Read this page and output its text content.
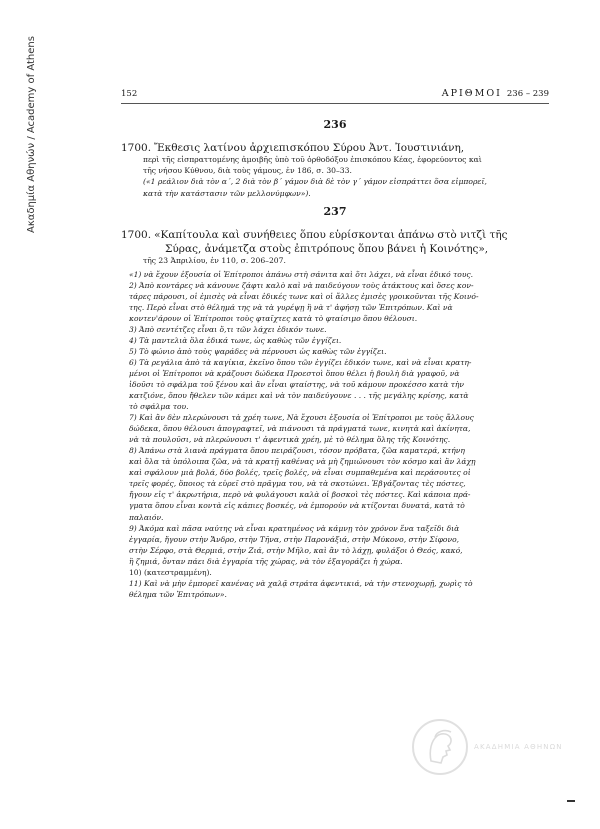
Ακαδημία Αθηνών / Academy of Athens	152	ΑΡΙΘΜΟΙ 236 – 239
236
1700. Ἔκθεσις λατίνου ἀρχιεπισκόπου Σύρου Ἀντ. Ἰουστινιάνη,
περὶ τῆς εἰσπραττομένης ἀμοιβῆς ὑπὸ τοῦ ὀρθοδόξου ἐπισκόπου Κέας, ἐφορεύοντος καὶ
τῆς νήσου Κύθνου, διὰ τοὺς γάμους, ἐν 186, σ. 30–33.
(«1 ρεάλιον διὰ τὸν α΄, 2 διὰ τὸν β΄ γάμον διὰ δὲ τὸν γ΄ γάμον εἰσπράττει ὅσα εἰμπορεῖ,
κατὰ τὴν κατάστασιν τῶν μελλονύμφων»).
237
1700. «Καπίτουλα καὶ συνήθειες ὅπου εὑρίσκονται ἀπάνω στὸ νιτζὶ τῆς
Σύρας, ἀνάμετζα στοὺς ἐπιτρόπους ὅπου βάνει ἡ Κοινότης»,
τῆς 23 Ἀπριλίου, ἐν 110, σ. 206–207.
«1) νὰ ἔχουν ἐξουσία οἱ Ἐπίτροποι ἀπάνω στὴ σάνιτα καὶ ὅτι λάχει, νὰ εἶναι ἐδικό τους.
2) Ἀπὸ κοντάρες νὰ κάνουνε ζάφτι καλὸ καὶ νὰ παιδεύγουν τοὺς ἀτάκτους καὶ ὅσες κον-
τάρες πάρουσι, οἱ ἐμισὲς νὰ εἶναι ἐδικές τωνε καὶ οἱ ἄλλες ἐμισὲς γροικοῦνται τῆς Κοινό-
της. Περὸ εἶναι στὸ θέλημά της νὰ τὰ γυρέψῃ ἢ νὰ τ' ἀφήσῃ τῶν Ἐπιτρόπων. Καὶ νὰ
κοντεν'άρουν οἱ Ἐπίτροποι τοὺς φταῖχτες κατὰ τὸ φταίσιμο ὅπου θέλουσι.
3) Ἀπὸ σεντέτζες εἶναι ὅ,τι τῶν λάχει ἐδικόν τωνε.
4) Τὰ μαντελιὰ ὅλα ἐδικά τωνε, ὡς καθὼς τῶν ἐγγίζει.
5) Τὸ φώνιο ἀπὸ τοὺς ψαράδες νὰ πέρνουσι ὡς καθὼς τῶν ἐγγίζει.
6) Τὰ ρεγάλια ἀπὸ τὰ καγίκια, ἐκεῖνο ὅπου τῶν ἐγγίζει ἐδικόν τωνε, καὶ νὰ εἶναι κρατη-
μένοι οἱ Ἐπίτροποι νὰ κράζουσι δώδεκα Προεστοὶ ὅπου θέλει ἡ βουλὴ διὰ γραφοῦ, νὰ
ἰδοῦσι τὸ σφάλμα τοῦ ξένου καὶ ἂν εἶναι φταίστης, νὰ τοῦ κάμουν προκέσσο κατὰ τὴν
κατζιόνε, ὅπου ἤθελεν τῶν κάμει καὶ νὰ τὸν παιδεύγουνε . . . τῆς μεγάλης κρίσης, κατὰ
τὸ σφάλμα του.
7) Καὶ ἂν δὲν πλερώνουσι τὰ χρέη τωνε, Νὰ ἔχουσι ἐξουσία οἱ Ἐπίτροποι με τοὺς ἄλλους
δώδεκα, ὅπου θέλουσι ἀπογραφτεῖ, νὰ πιάνουσι τὰ πράγματά τωνε, κινητὰ καὶ ἀκίνητα,
νὰ τὰ πουλοῦσι, νὰ πλερώνουσι τ' ἀφεντικὰ χρέη, μὲ τὸ θέλημα ὅλης τῆς Κοινότης.
8) Ἀπάνω στὰ λιανὰ πράγματα ὅπου πειράζουσι, τόσον πρόβατα, ζῶα καματερά, κτήνη
καὶ ὅλα τὰ ὑπόλοιπα ζῶα, νὰ τὰ κρατῇ καθένας νὰ μὴ ζημιώνουσι τὸν κόσμο καὶ ἂν λάχῃ
καὶ σφάλουν μιὰ βολά, δύο βολές, τρεῖς βολές, νὰ εἶναι συμπαθεμένα καὶ περάσουτες οἱ
τρεῖς φορές, ὅποιος τὰ εὑρεῖ στὸ πρᾶγμα του, νὰ τὰ σκοτώνει. Ἐβγάζοντας τὲς πόστες,
ἤγουν εἰς τ' ἀκρωτήρια, περὸ νὰ φυλάγουσι καλὰ οἱ βοσκοὶ τὲς πόστες. Καὶ κάποια πρά-
γματα ὅπου εἶναι κοντὰ εἰς κάπιες βοσκές, νὰ ἐμπορούν νὰ κτίζονται δυνατά, κατὰ τὸ
παλαιόν.
9) Ἀκόμα καὶ πᾶσα ναύτης νὰ εἶναι κρατημένος νὰ κάμνῃ τὸν χρόνον ἕνα ταξεῖδι διὰ
ἐγγαρία, ἤγουν στὴν Ἄνδρο, στὴν Τῆνα, στὴν Παρονάξιά, στὴν Μύκονο, στὴν Σίφονο,
στὴν Σέρφο, στὰ Θερμιά, στὴν Ζιά, στὴν Μῆλο, καὶ ἂν τὸ λάχῃ, φυλάξοι ὁ Θεός, κακό,
ἢ ζημιά, ὄνταν πάει διὰ ἐγγαρία τῆς χώρας, νὰ τὸν ἐξαγοράζει ἡ χώρα.
10) (κατεστραμμένη).
11) Καὶ νὰ μὴν ἐμπορεῖ κανένας νὰ χαλᾷ στράτα ἀφεντικιά, νὰ τὴν στενοχωρῇ, χωρὶς τὸ
θέλημα τῶν Ἐπιτρόπων».
ΑΚΑΔΗΜΙΑ ΑΘΗΝΩΝ
